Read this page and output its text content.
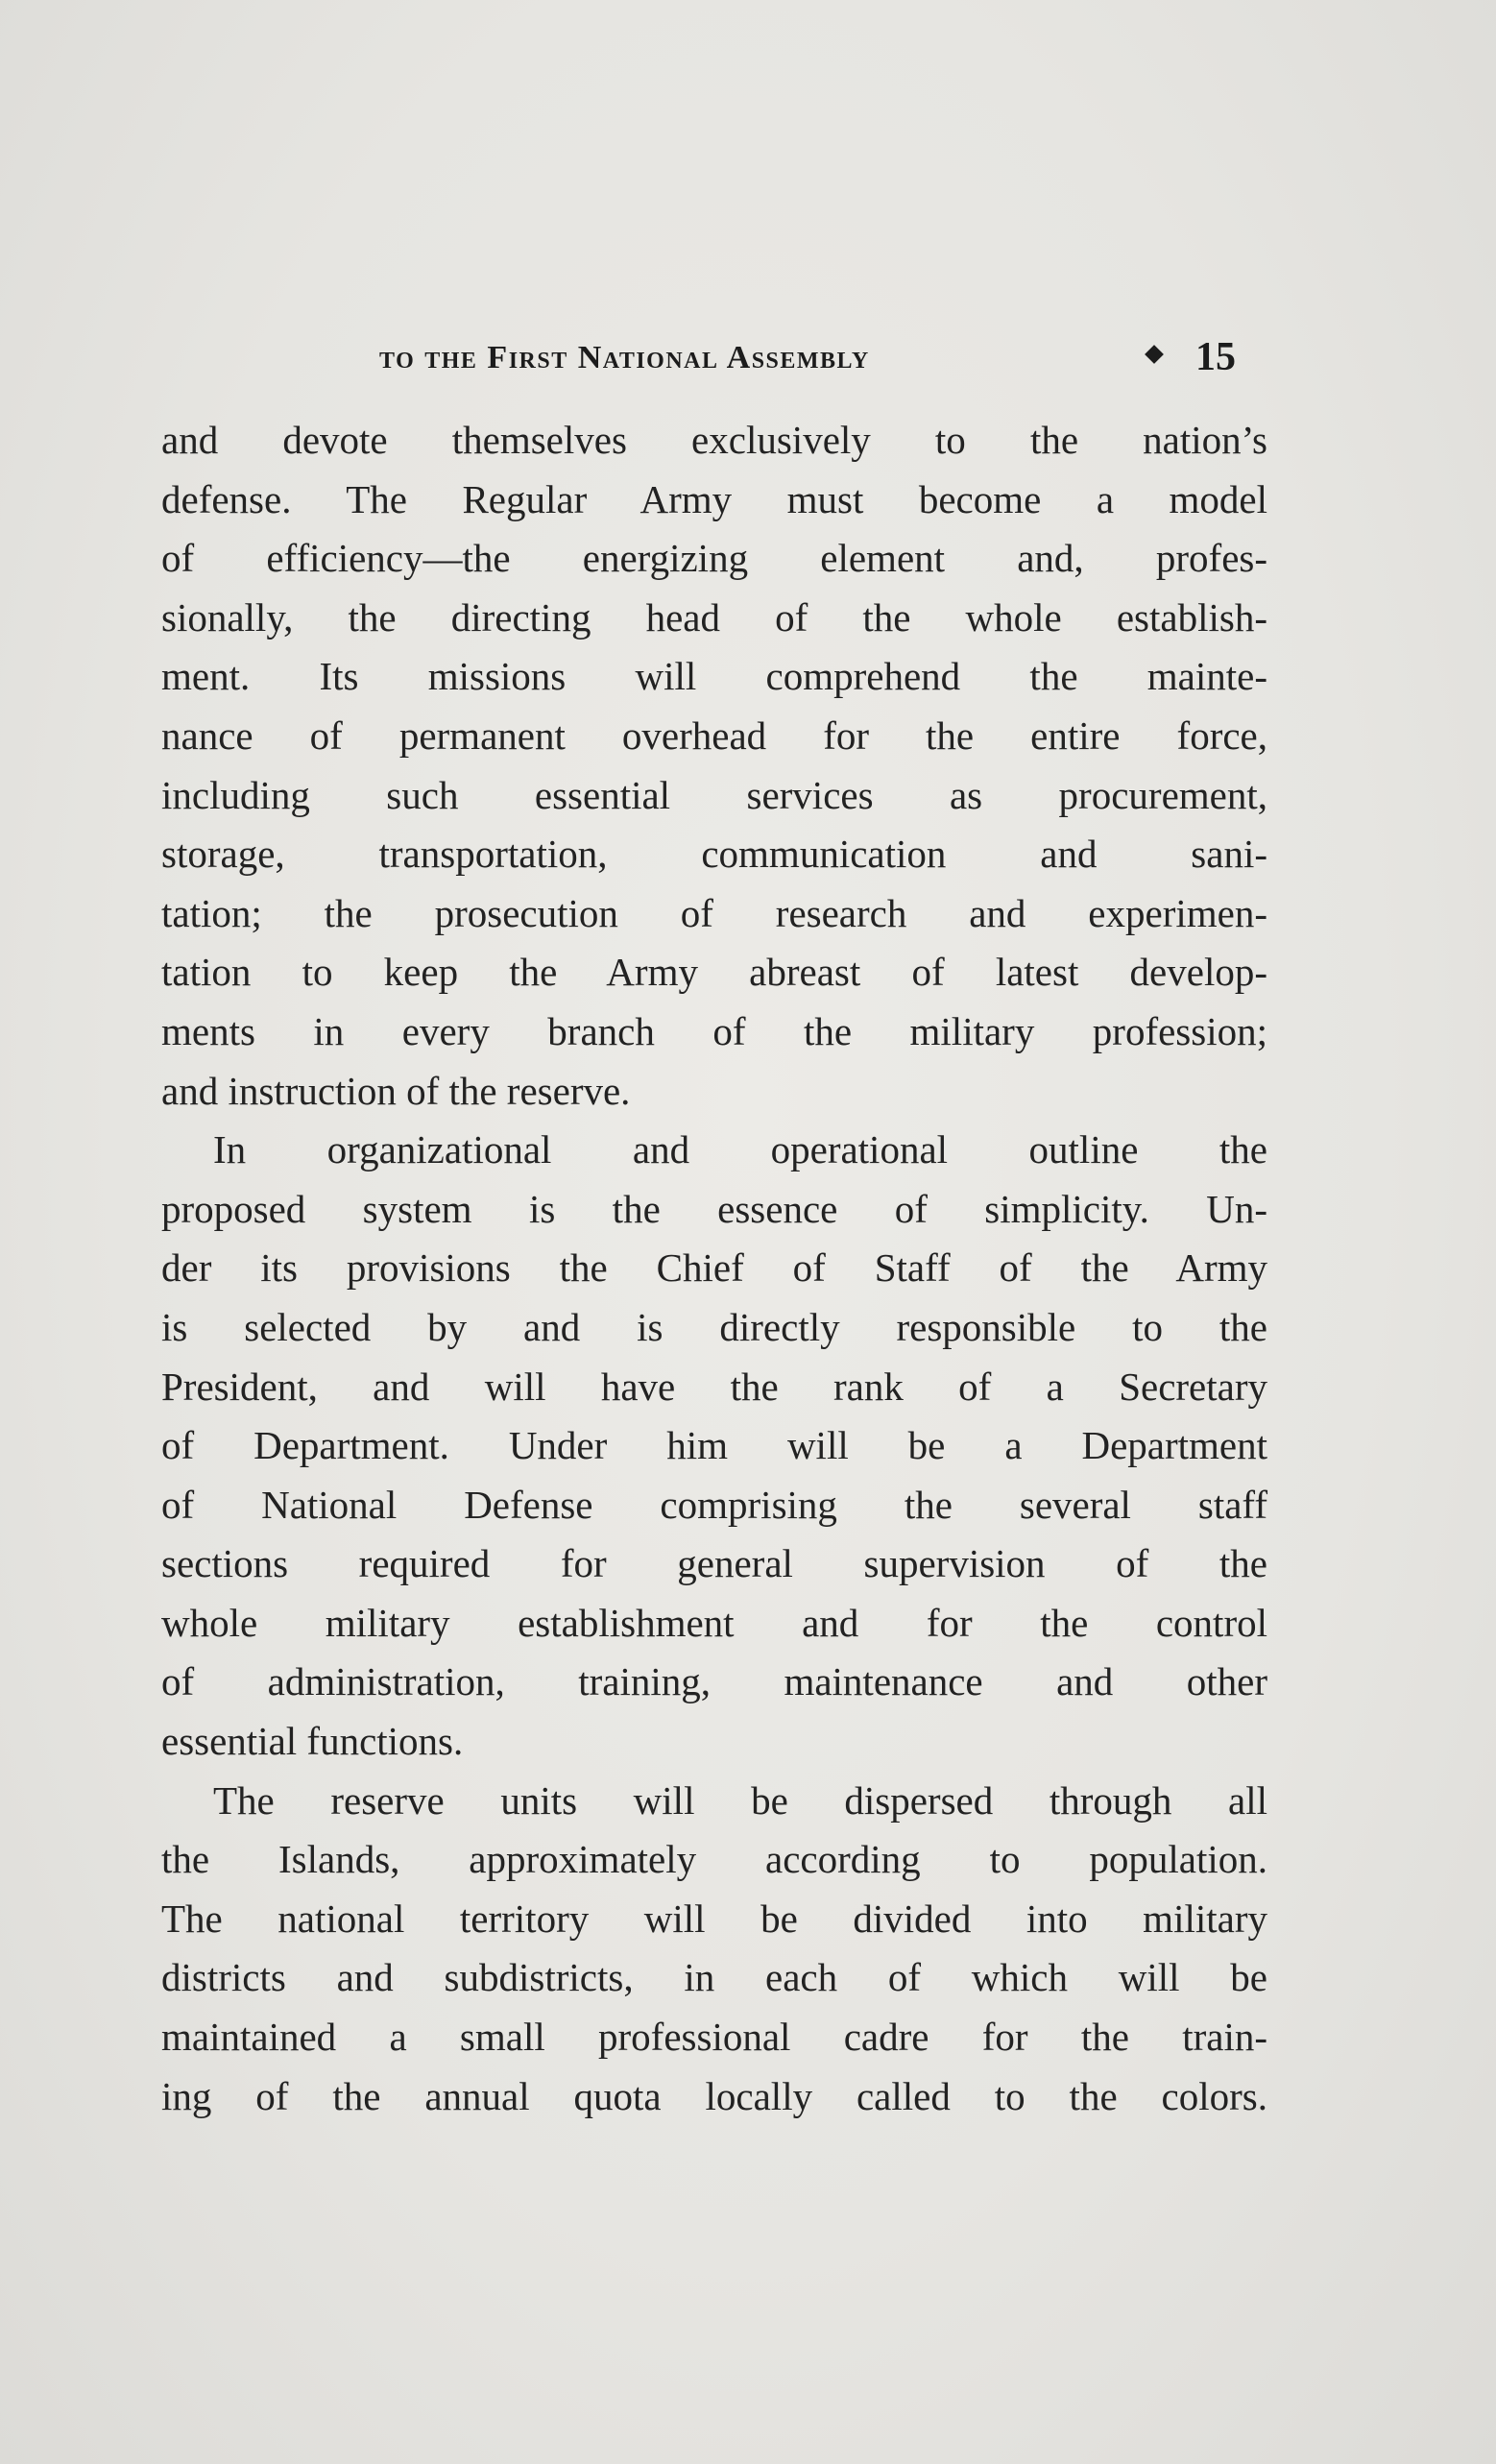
to the First National Assembly	15

and devote themselves exclusively to the nation’s
defense. The Regular Army must become a model
of efficiency—the energizing element and, profes-
sionally, the directing head of the whole establish-
ment. Its missions will comprehend the mainte-
nance of permanent overhead for the entire force,
including such essential services as procurement,
storage, transportation, communication and sani-
tation; the prosecution of research and experimen-
tation to keep the Army abreast of latest develop-
ments in every branch of the military profession;
and instruction of the reserve.

In organizational and operational outline the
proposed system is the essence of simplicity. Un-
der its provisions the Chief of Staff of the Army
is selected by and is directly responsible to the
President, and will have the rank of a Secretary
of Department. Under him will be a Department
of National Defense comprising the several staff
sections required for general supervision of the
whole military establishment and for the control
of administration, training, maintenance and other
essential functions.

The reserve units will be dispersed through all
the Islands, approximately according to population.
The national territory will be divided into military
districts and subdistricts, in each of which will be
maintained a small professional cadre for the train-
ing of the annual quota locally called to the colors.
